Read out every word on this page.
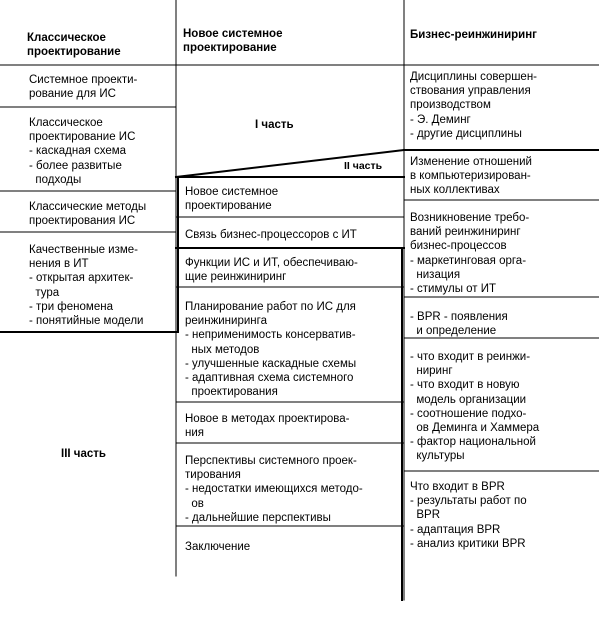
Классическое
проектирование
Новое системное
проектирование
Бизнес-реинжиниринг
I часть
II часть
III часть
Системное проекти-
рование для ИС
Классическое
проектирование ИС
- каскадная схема
- более развитые
подходы
Классические методы
проектирования ИС
Качественные изме-
нения в ИТ
- открытая архитек-
тура
- три феномена
- понятийные модели
Новое системное
проектирование
Связь бизнес-процессоров с ИТ
Функции ИС и ИТ, обеспечиваю-
щие реинжиниринг
Планирование работ по ИС для
реинжиниринга
- неприменимость консерватив-
ных методов
- улучшенные каскадные схемы
- адаптивная схема системного
проектирования
Новое в методах проектирова-
ния
Перспективы системного проек-
тирования
- недостатки имеющихся методо-
ов
- дальнейшие перспективы
Заключение
Дисциплины совершен-
ствования управления
производством
- Э. Деминг
- другие дисциплины
Изменение отношений
в компьютеризирован-
ных коллективах
Возникновение требо-
ваний реинжиниринг
бизнес-процессов
- маркетинговая орга-
низация
- стимулы от ИТ
- BPR - появления
и определение
- что входит в реинжи-
ниринг
- что входит в новую
модель организации
- соотношение подхо-
ов Деминга и Хаммера
- фактор национальной
культуры
Что входит в BPR
- результаты работ по
BPR
- адаптация BPR
- анализ критики BPR
